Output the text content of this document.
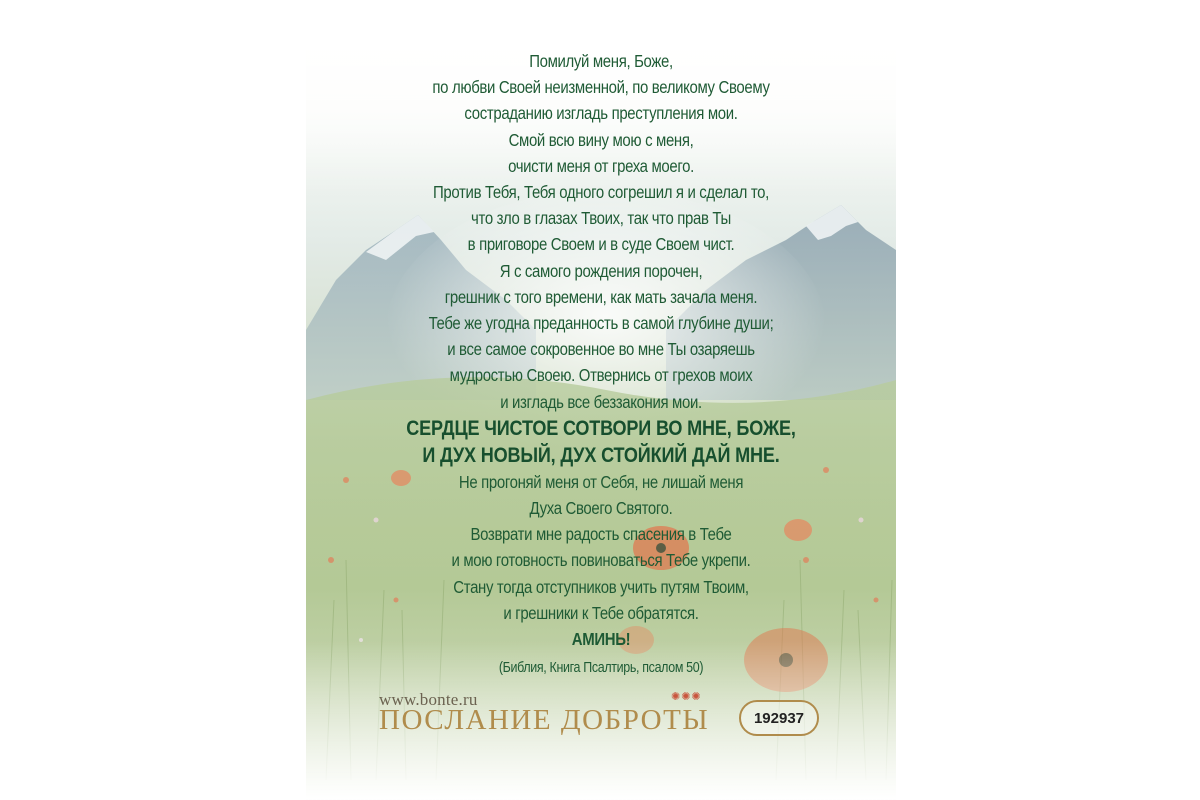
Помилуй меня, Боже,
по любви Своей неизменной, по великому Своему
состраданию изгладь преступления мои.
Смой всю вину мою с меня,
очисти меня от греха моего.
Против Тебя, Тебя одного согрешил я и сделал то,
что зло в глазах Твоих, так что прав Ты
в приговоре Своем и в суде Своем чист.
Я с самого рождения порочен,
грешник с того времени, как мать зачала меня.
Тебе же угодна преданность в самой глубине души;
и все самое сокровенное во мне Ты озаряешь
мудростью Своею. Отвернись от грехов моих
и изгладь все беззакония мои.
СЕРДЦЕ ЧИСТОЕ СОТВОРИ ВО МНЕ, БОЖЕ,
И ДУХ НОВЫЙ, ДУХ СТОЙКИЙ ДАЙ МНЕ.
Не прогоняй меня от Себя, не лишай меня
Духа Своего Святого.
Возврати мне радость спасения в Тебе
и мою готовность повиноваться Тебе укрепи.
Стану тогда отступников учить путям Твоим,
и грешники к Тебе обратятся.
АМИНЬ!
(Библия, Книга Псалтирь, псалом 50)
www.bonte.ru	✺✺✺
ПОСЛАНИЕ ДОБРОТЫ	192937
